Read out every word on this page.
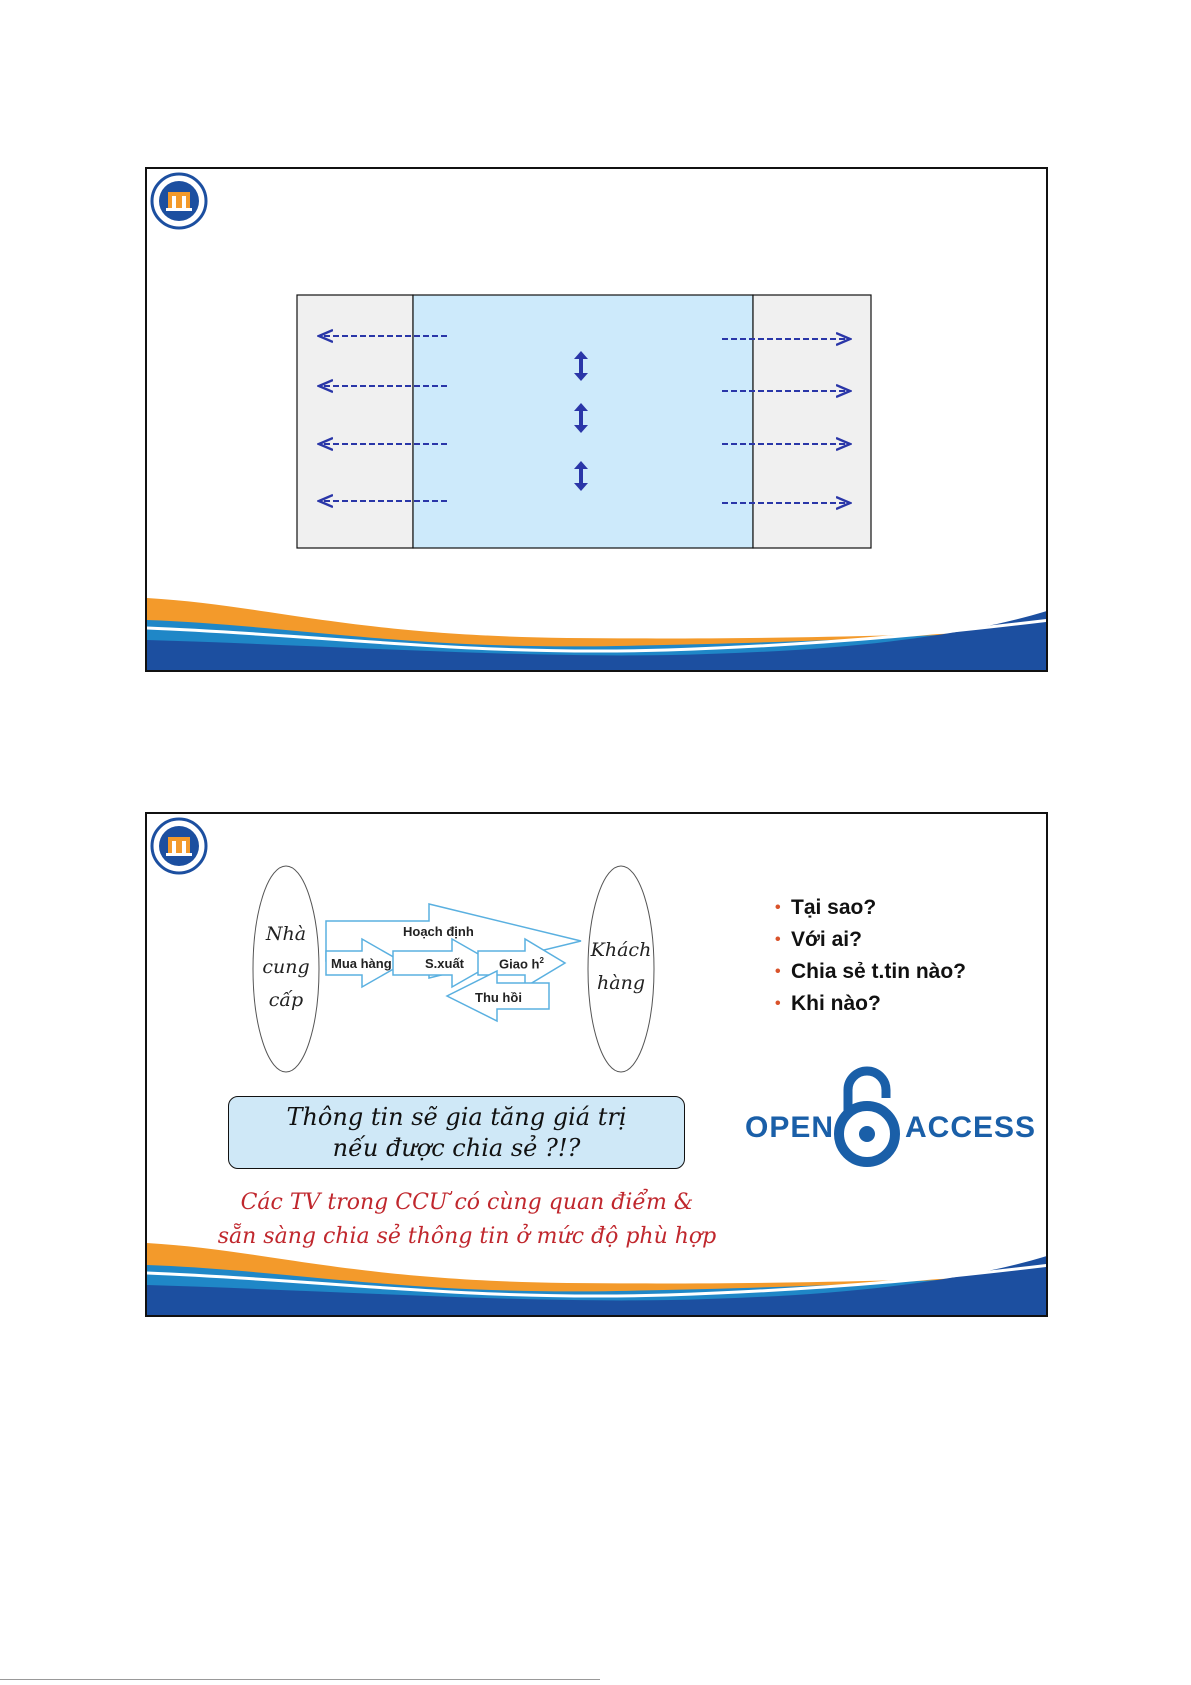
Nhà
cung
cấp
Khách
hàng
Hoạch định
Mua hàng	S.xuất	Giao $h^2$
Thu hồi
• Tại sao?
• Với ai?
• Chia sẻ t.tin nào?
• Khi nào?
Thông tin sẽ gia tăng giá trị
nếu được chia sẻ ?!?
Các TV trong CCƯ có cùng quan điểm &
sẵn sàng chia sẻ thông tin ở mức độ phù hợp
OPEN ACCESS
